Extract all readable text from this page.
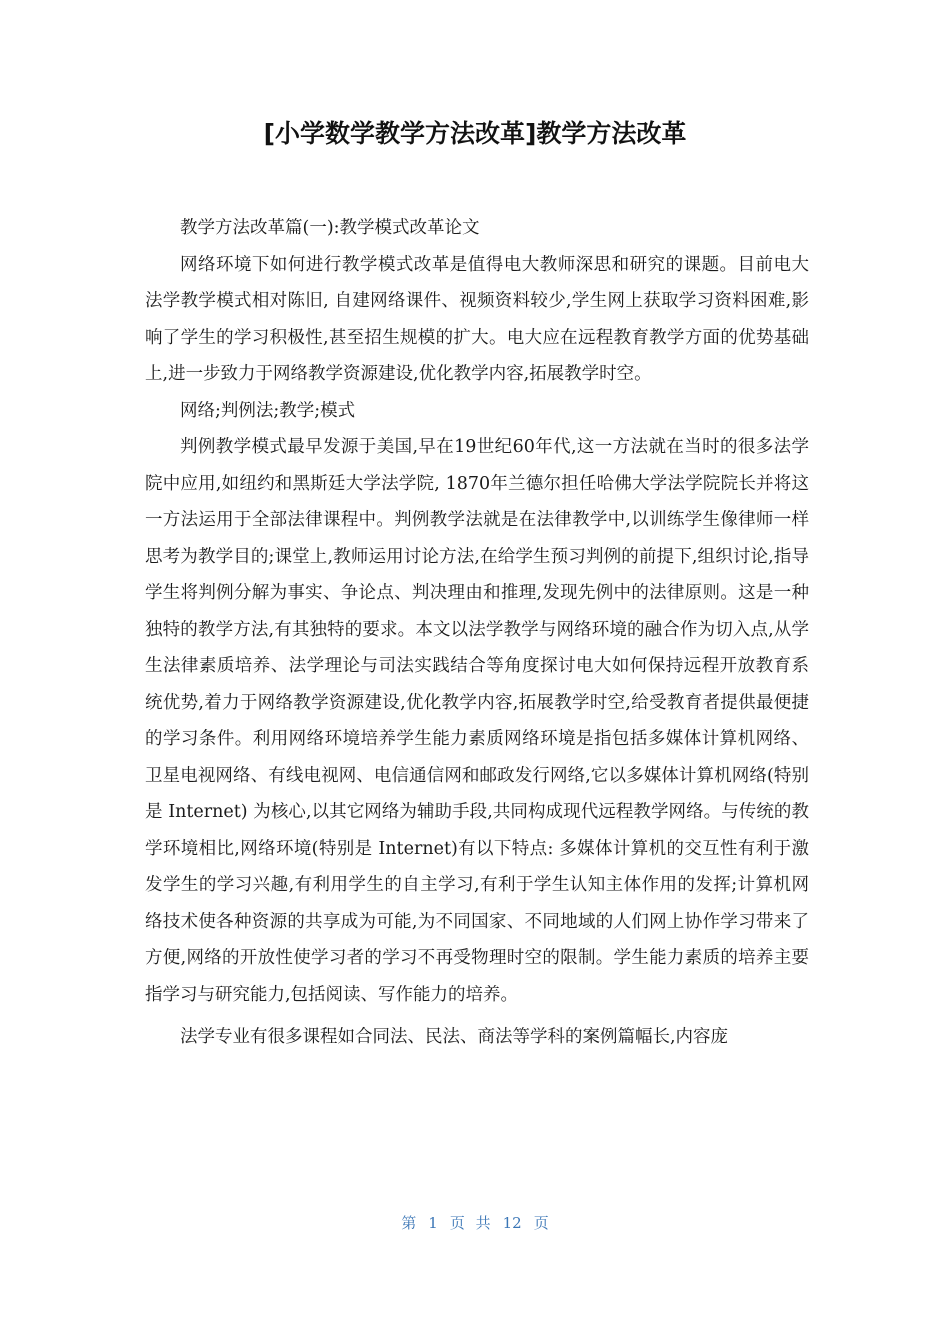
[小学数学教学方法改革]教学方法改革

教学方法改革篇(一):教学模式改革论文

网络环境下如何进行教学模式改革是值得电大教师深思和研究的课题。目前电大法学教学模式相对陈旧, 自建网络课件、视频资料较少,学生网上获取学习资料困难,影响了学生的学习积极性,甚至招生规模的扩大。电大应在远程教育教学方面的优势基础上,进一步致力于网络教学资源建设,优化教学内容,拓展教学时空。

网络;判例法;教学;模式

判例教学模式最早发源于美国,早在19世纪60年代,这一方法就在当时的很多法学院中应用,如纽约和黑斯廷大学法学院, 1870年兰德尔担任哈佛大学法学院院长并将这一方法运用于全部法律课程中。判例教学法就是在法律教学中,以训练学生像律师一样思考为教学目的;课堂上,教师运用讨论方法,在给学生预习判例的前提下,组织讨论,指导学生将判例分解为事实、争论点、判决理由和推理,发现先例中的法律原则。这是一种独特的教学方法,有其独特的要求。本文以法学教学与网络环境的融合作为切入点,从学生法律素质培养、法学理论与司法实践结合等角度探讨电大如何保持远程开放教育系统优势,着力于网络教学资源建设,优化教学内容,拓展教学时空,给受教育者提供最便捷的学习条件。利用网络环境培养学生能力素质网络环境是指包括多媒体计算机网络、卫星电视网络、有线电视网、电信通信网和邮政发行网络,它以多媒体计算机网络(特别是 Internet) 为核心,以其它网络为辅助手段,共同构成现代远程教学网络。与传统的教学环境相比,网络环境(特别是 Internet)有以下特点: 多媒体计算机的交互性有利于激发学生的学习兴趣,有利用学生的自主学习,有利于学生认知主体作用的发挥;计算机网络技术使各种资源的共享成为可能,为不同国家、不同地域的人们网上协作学习带来了方便,网络的开放性使学习者的学习不再受物理时空的限制。学生能力素质的培养主要指学习与研究能力,包括阅读、写作能力的培养。

法学专业有很多课程如合同法、民法、商法等学科的案例篇幅长,内容庞

第 1 页 共 12 页
